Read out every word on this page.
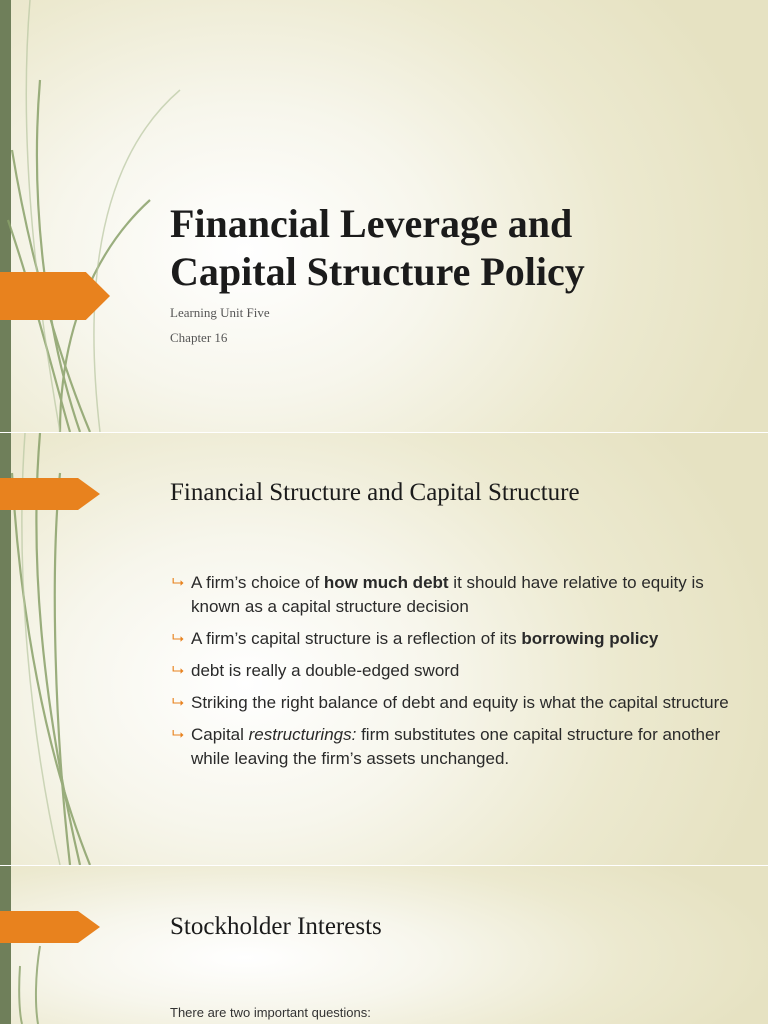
Financial Leverage and
Capital Structure Policy
Learning Unit Five
Chapter 16
Financial Structure and Capital Structure
⮡ A firm’s choice of how much debt it should have relative to equity is known as a capital structure decision
⮡ A firm’s capital structure is a reflection of its borrowing policy
⮡ debt is really a double-edged sword
⮡ Striking the right balance of debt and equity is what the capital structure
⮡ Capital restructurings: firm substitutes one capital structure for another while leaving the firm’s assets unchanged.
Stockholder Interests
There are two important questions:
